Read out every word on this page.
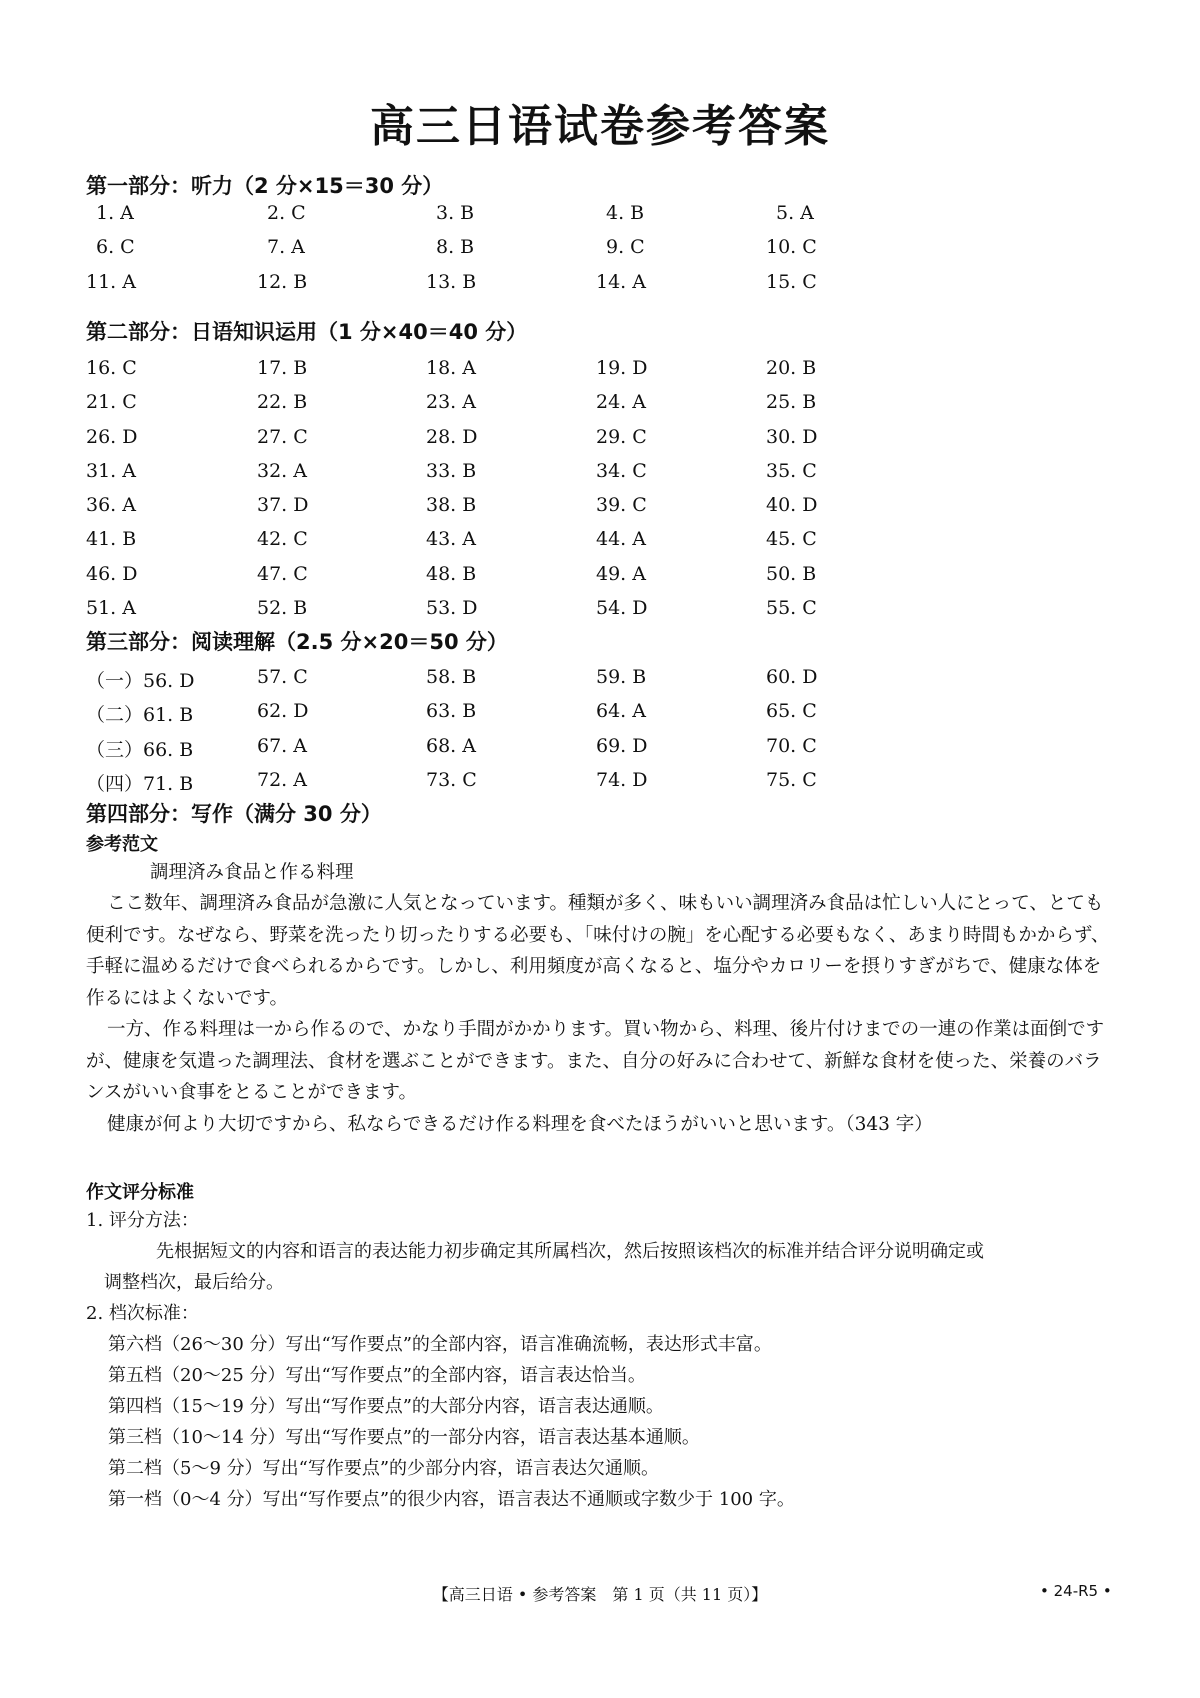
高三日语试卷参考答案
第一部分：听力（2 分×15＝30 分）
1. A	2. C	3. B	4. B	5. A
6. C	7. A	8. B	9. C	10. C
11. A	12. B	13. B	14. A	15. C
第二部分：日语知识运用（1 分×40＝40 分）
16. C	17. B	18. A	19. D	20. B
21. C	22. B	23. A	24. A	25. B
26. D	27. C	28. D	29. C	30. D
31. A	32. A	33. B	34. C	35. C
36. A	37. D	38. B	39. C	40. D
41. B	42. C	43. A	44. A	45. C
46. D	47. C	48. B	49. A	50. B
51. A	52. B	53. D	54. D	55. C
第三部分：阅读理解（2.5 分×20＝50 分）
（一）56. D	57. C	58. B	59. B	60. D
（二）61. B	62. D	63. B	64. A	65. C
（三）66. B	67. A	68. A	69. D	70. C
（四）71. B	72. A	73. C	74. D	75. C
第四部分：写作（满分 30 分）
参考范文
調理済み食品と作る料理

ここ数年、調理済み食品が急激に人気となっています。種類が多く、味もいい調理済み食品は忙しい人にとって、とても便利です。なぜなら、野菜を洗ったり切ったりする必要も、「味付けの腕」を心配する必要もなく、あまり時間もかからず、手軽に温めるだけで食べられるからです。しかし、利用頻度が高くなると、塩分やカロリーを摂りすぎがちで、健康な体を作るにはよくないです。

一方、作る料理は一から作るので、かなり手間がかかります。買い物から、料理、後片付けまでの一連の作業は面倒ですが、健康を気遣った調理法、食材を選ぶことができます。また、自分の好みに合わせて、新鮮な食材を使った、栄養のバランスがいい食事をとることができます。

健康が何より大切ですから、私ならできるだけ作る料理を食べたほうがいいと思います。（343 字）

作文评分标准

1. 评分方法：

先根据短文的内容和语言的表达能力初步确定其所属档次，然后按照该档次的标准并结合评分说明确定或

调整档次，最后给分。

2. 档次标准：

第六档（26～30 分）写出“写作要点”的全部内容，语言准确流畅，表达形式丰富。

第五档（20～25 分）写出“写作要点”的全部内容，语言表达恰当。

第四档（15～19 分）写出“写作要点”的大部分内容，语言表达通顺。

第三档（10～14 分）写出“写作要点”的一部分内容，语言表达基本通顺。

第二档（5～9 分）写出“写作要点”的少部分内容，语言表达欠通顺。

第一档（0～4 分）写出“写作要点”的很少内容，语言表达不通顺或字数少于 100 字。

【高三日语 • 参考答案　第 1 页（共 11 页）】	• 24-R5 •
